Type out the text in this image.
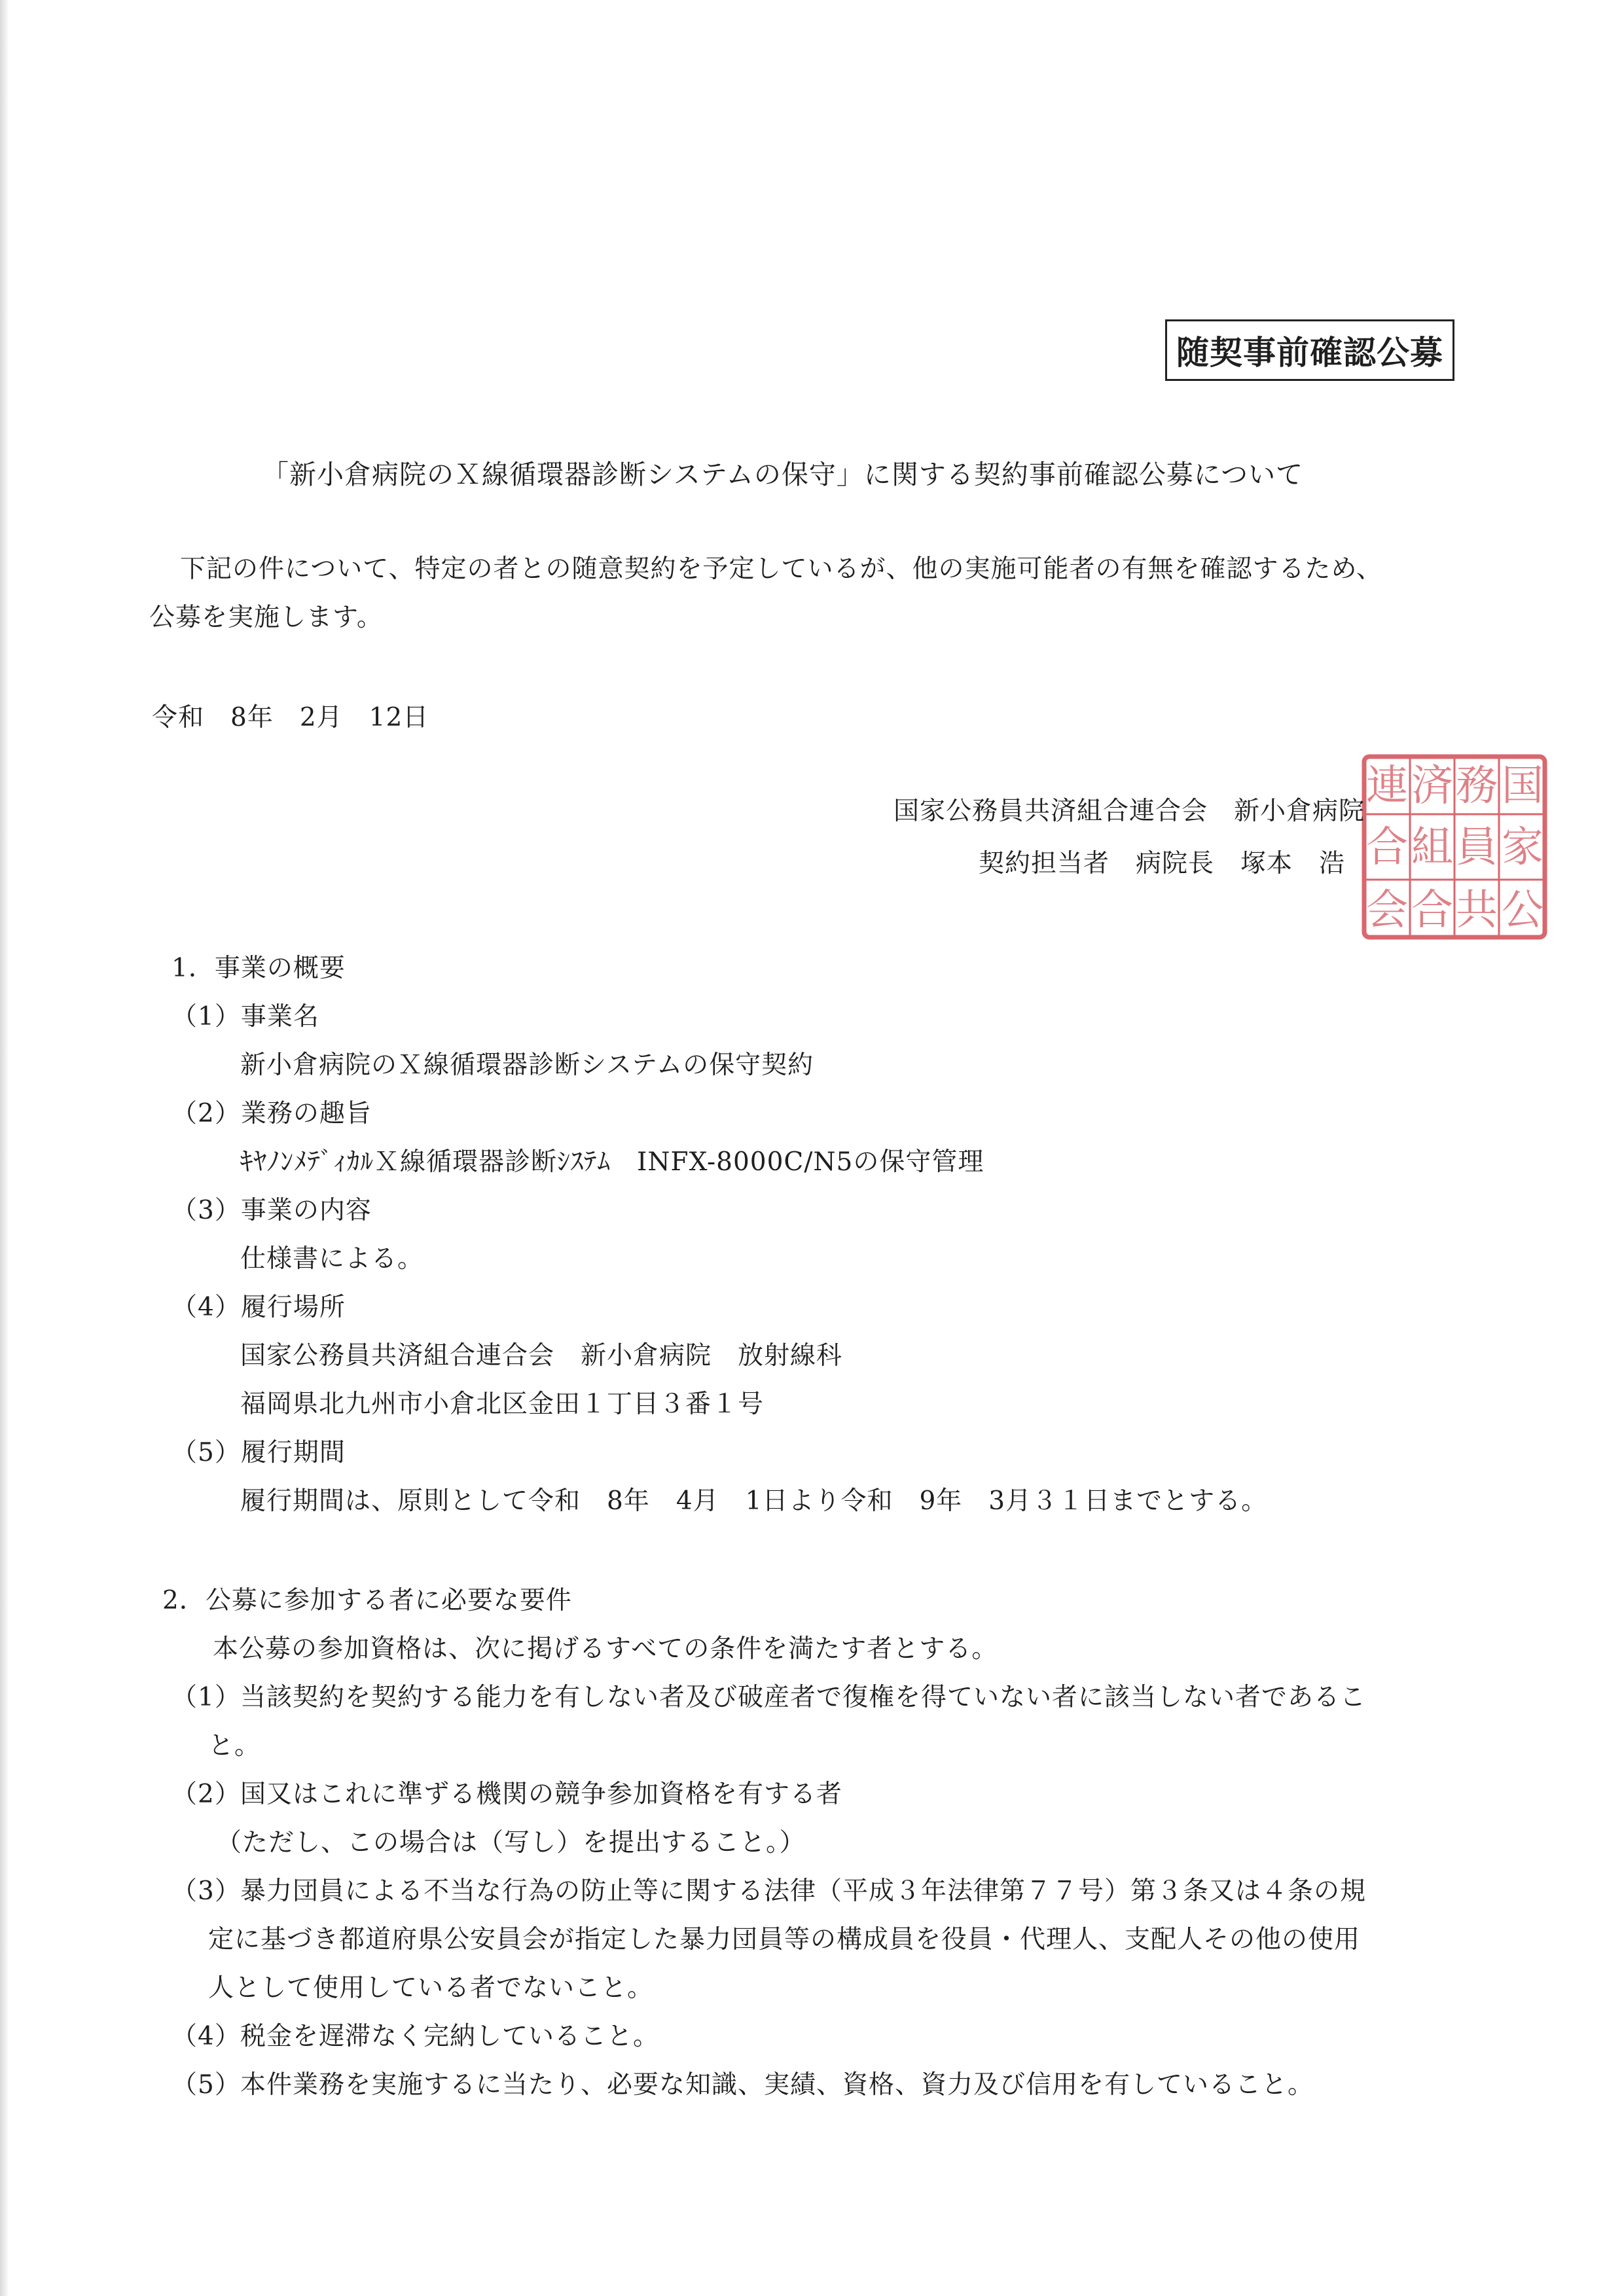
随契事前確認公募
「新小倉病院のＸ線循環器診断システムの保守」に関する契約事前確認公募について
下記の件について、特定の者との随意契約を予定しているが、他の実施可能者の有無を確認するため、
公募を実施します。
令和　8年　2月　12日
国
家
公
務
員
共
済
組
合
連
合
会
国家公務員共済組合連合会　新小倉病院
契約担当者　病院長　塚本　浩
1．事業の概要
（1）事業名
新小倉病院のＸ線循環器診断システムの保守契約
（2）業務の趣旨
ｷﾔﾉﾝﾒﾃﾞｨｶﾙＸ線循環器診断ｼｽﾃﾑ　INFX-8000C/N5の保守管理
（3）事業の内容
仕様書による。
（4）履行場所
国家公務員共済組合連合会　新小倉病院　放射線科
福岡県北九州市小倉北区金田１丁目３番１号
（5）履行期間
履行期間は、原則として令和　8年　4月　1日より令和　9年　3月３１日までとする。
2．公募に参加する者に必要な要件
本公募の参加資格は、次に掲げるすべての条件を満たす者とする。
（1） 当該契約を契約する能力を有しない者及び破産者で復権を得ていない者に該当しない者であるこ
と。
（2） 国又はこれに準ずる機関の競争参加資格を有する者
（ただし、この場合は（写し）を提出すること。）
（3） 暴力団員による不当な行為の防止等に関する法律（平成３年法律第７７号）第３条又は４条の規
定に基づき都道府県公安員会が指定した暴力団員等の構成員を役員・代理人、支配人その他の使用
人として使用している者でないこと。
（4） 税金を遅滞なく完納していること。
（5） 本件業務を実施するに当たり、必要な知識、実績、資格、資力及び信用を有していること。
